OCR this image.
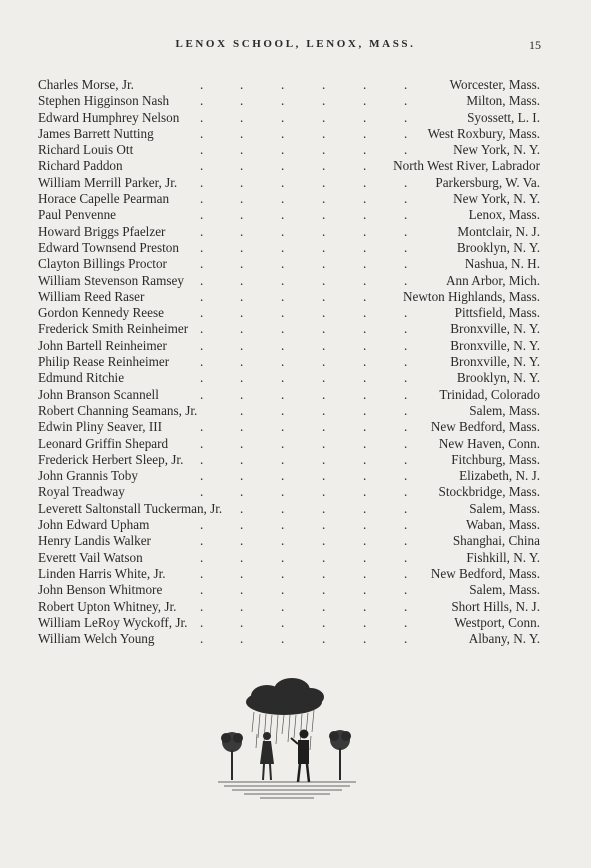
LENOX SCHOOL, LENOX, MASS.	15
.	.	.	.	.	.
Charles Morse, Jr.	Worcester, Mass.
.	.	.	.	.	.
Stephen Higginson Nash	Milton, Mass.
.	.	.	.	.	.
Edward Humphrey Nelson	Syossett, L. I.
.	.	.	.	.	.
James Barrett Nutting	West Roxbury, Mass.
.	.	.	.	.	.
Richard Louis Ott	New York, N. Y.
.	.	.	.	.
Richard Paddon	North West River, Labrador
.	.	.	.	.	.
William Merrill Parker, Jr.	Parkersburg, W. Va.
.	.	.	.	.	.
Horace Capelle Pearman	New York, N. Y.
.	.	.	.	.	.
Paul Penvenne	Lenox, Mass.
.	.	.	.	.	.
Howard Briggs Pfaelzer	Montclair, N. J.
.	.	.	.	.	.
Edward Townsend Preston	Brooklyn, N. Y.
.	.	.	.	.	.
Clayton Billings Proctor	Nashua, N. H.
.	.	.	.	.	.
William Stevenson Ramsey	Ann Arbor, Mich.
.	.	.	.	.
William Reed Raser	Newton Highlands, Mass.
.	.	.	.	.	.
Gordon Kennedy Reese	Pittsfield, Mass.
.	.	.	.	.	.
Frederick Smith Reinheimer	Bronxville, N. Y.
.	.	.	.	.	.
John Bartell Reinheimer	Bronxville, N. Y.
.	.	.	.	.	.
Philip Rease Reinheimer	Bronxville, N. Y.
.	.	.	.	.	.
Edmund Ritchie	Brooklyn, N. Y.
.	.	.	.	.	.
John Branson Scannell	Trinidad, Colorado
.	.	.	.	.
Robert Channing Seamans, Jr.	Salem, Mass.
.	.	.	.	.	.
Edwin Pliny Seaver, III	New Bedford, Mass.
.	.	.	.	.	.
Leonard Griffin Shepard	New Haven, Conn.
.	.	.	.	.	.
Frederick Herbert Sleep, Jr.	Fitchburg, Mass.
.	.	.	.	.	.
John Grannis Toby	Elizabeth, N. J.
.	.	.	.	.	.
Royal Treadway	Stockbridge, Mass.
.	.	.	.	.
Leverett Saltonstall Tuckerman, Jr.	Salem, Mass.
.	.	.	.	.	.
John Edward Upham	Waban, Mass.
.	.	.	.	.	.
Henry Landis Walker	Shanghai, China
.	.	.	.	.	.
Everett Vail Watson	Fishkill, N. Y.
.	.	.	.	.	.
Linden Harris White, Jr.	New Bedford, Mass.
.	.	.	.	.	.
John Benson Whitmore	Salem, Mass.
.	.	.	.	.	.
Robert Upton Whitney, Jr.	Short Hills, N. J.
.	.	.	.	.	.
William LeRoy Wyckoff, Jr.	Westport, Conn.
.	.	.	.	.	.
William Welch Young	Albany, N. Y.
